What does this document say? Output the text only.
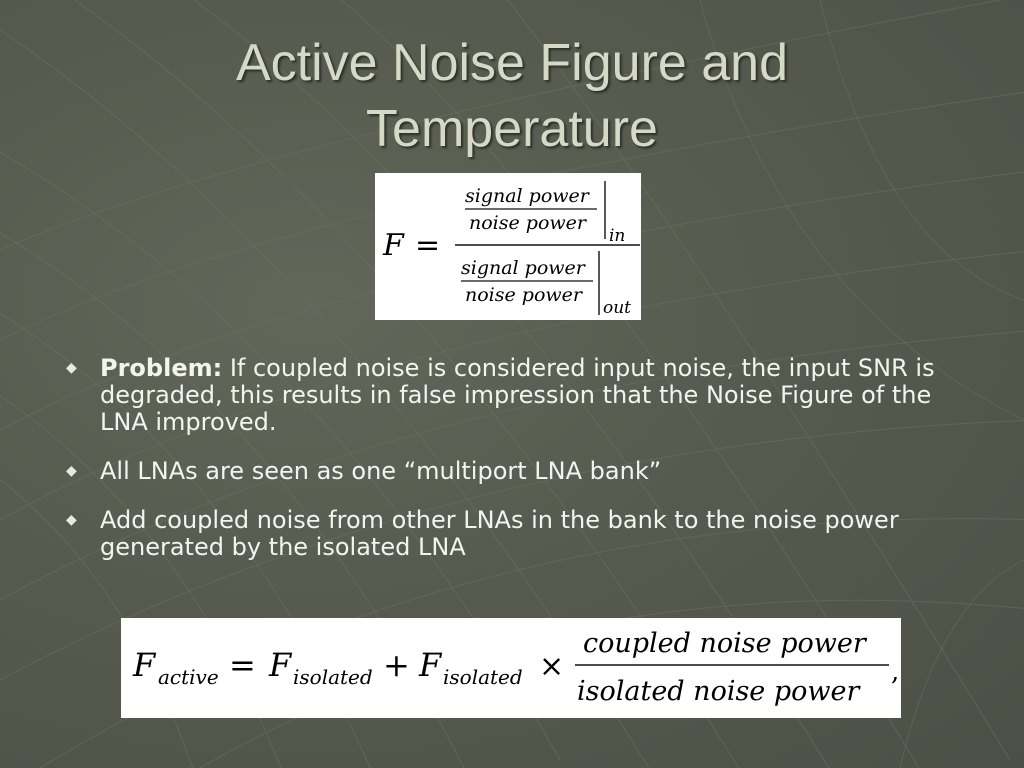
Active Noise Figure and
Temperature
F =
signal power
noise power
in
signal power
noise power
out
◆ Problem: If coupled noise is considered input noise, the input SNR is degraded, this results in false impression that the Noise Figure of the LNA improved.
◆ All LNAs are seen as one “multiport LNA bank”
◆ Add coupled noise from other LNAs in the bank to the noise power generated by the isolated LNA
F active = F isolated + F isolated ×
coupled noise power
isolated noise power
,
